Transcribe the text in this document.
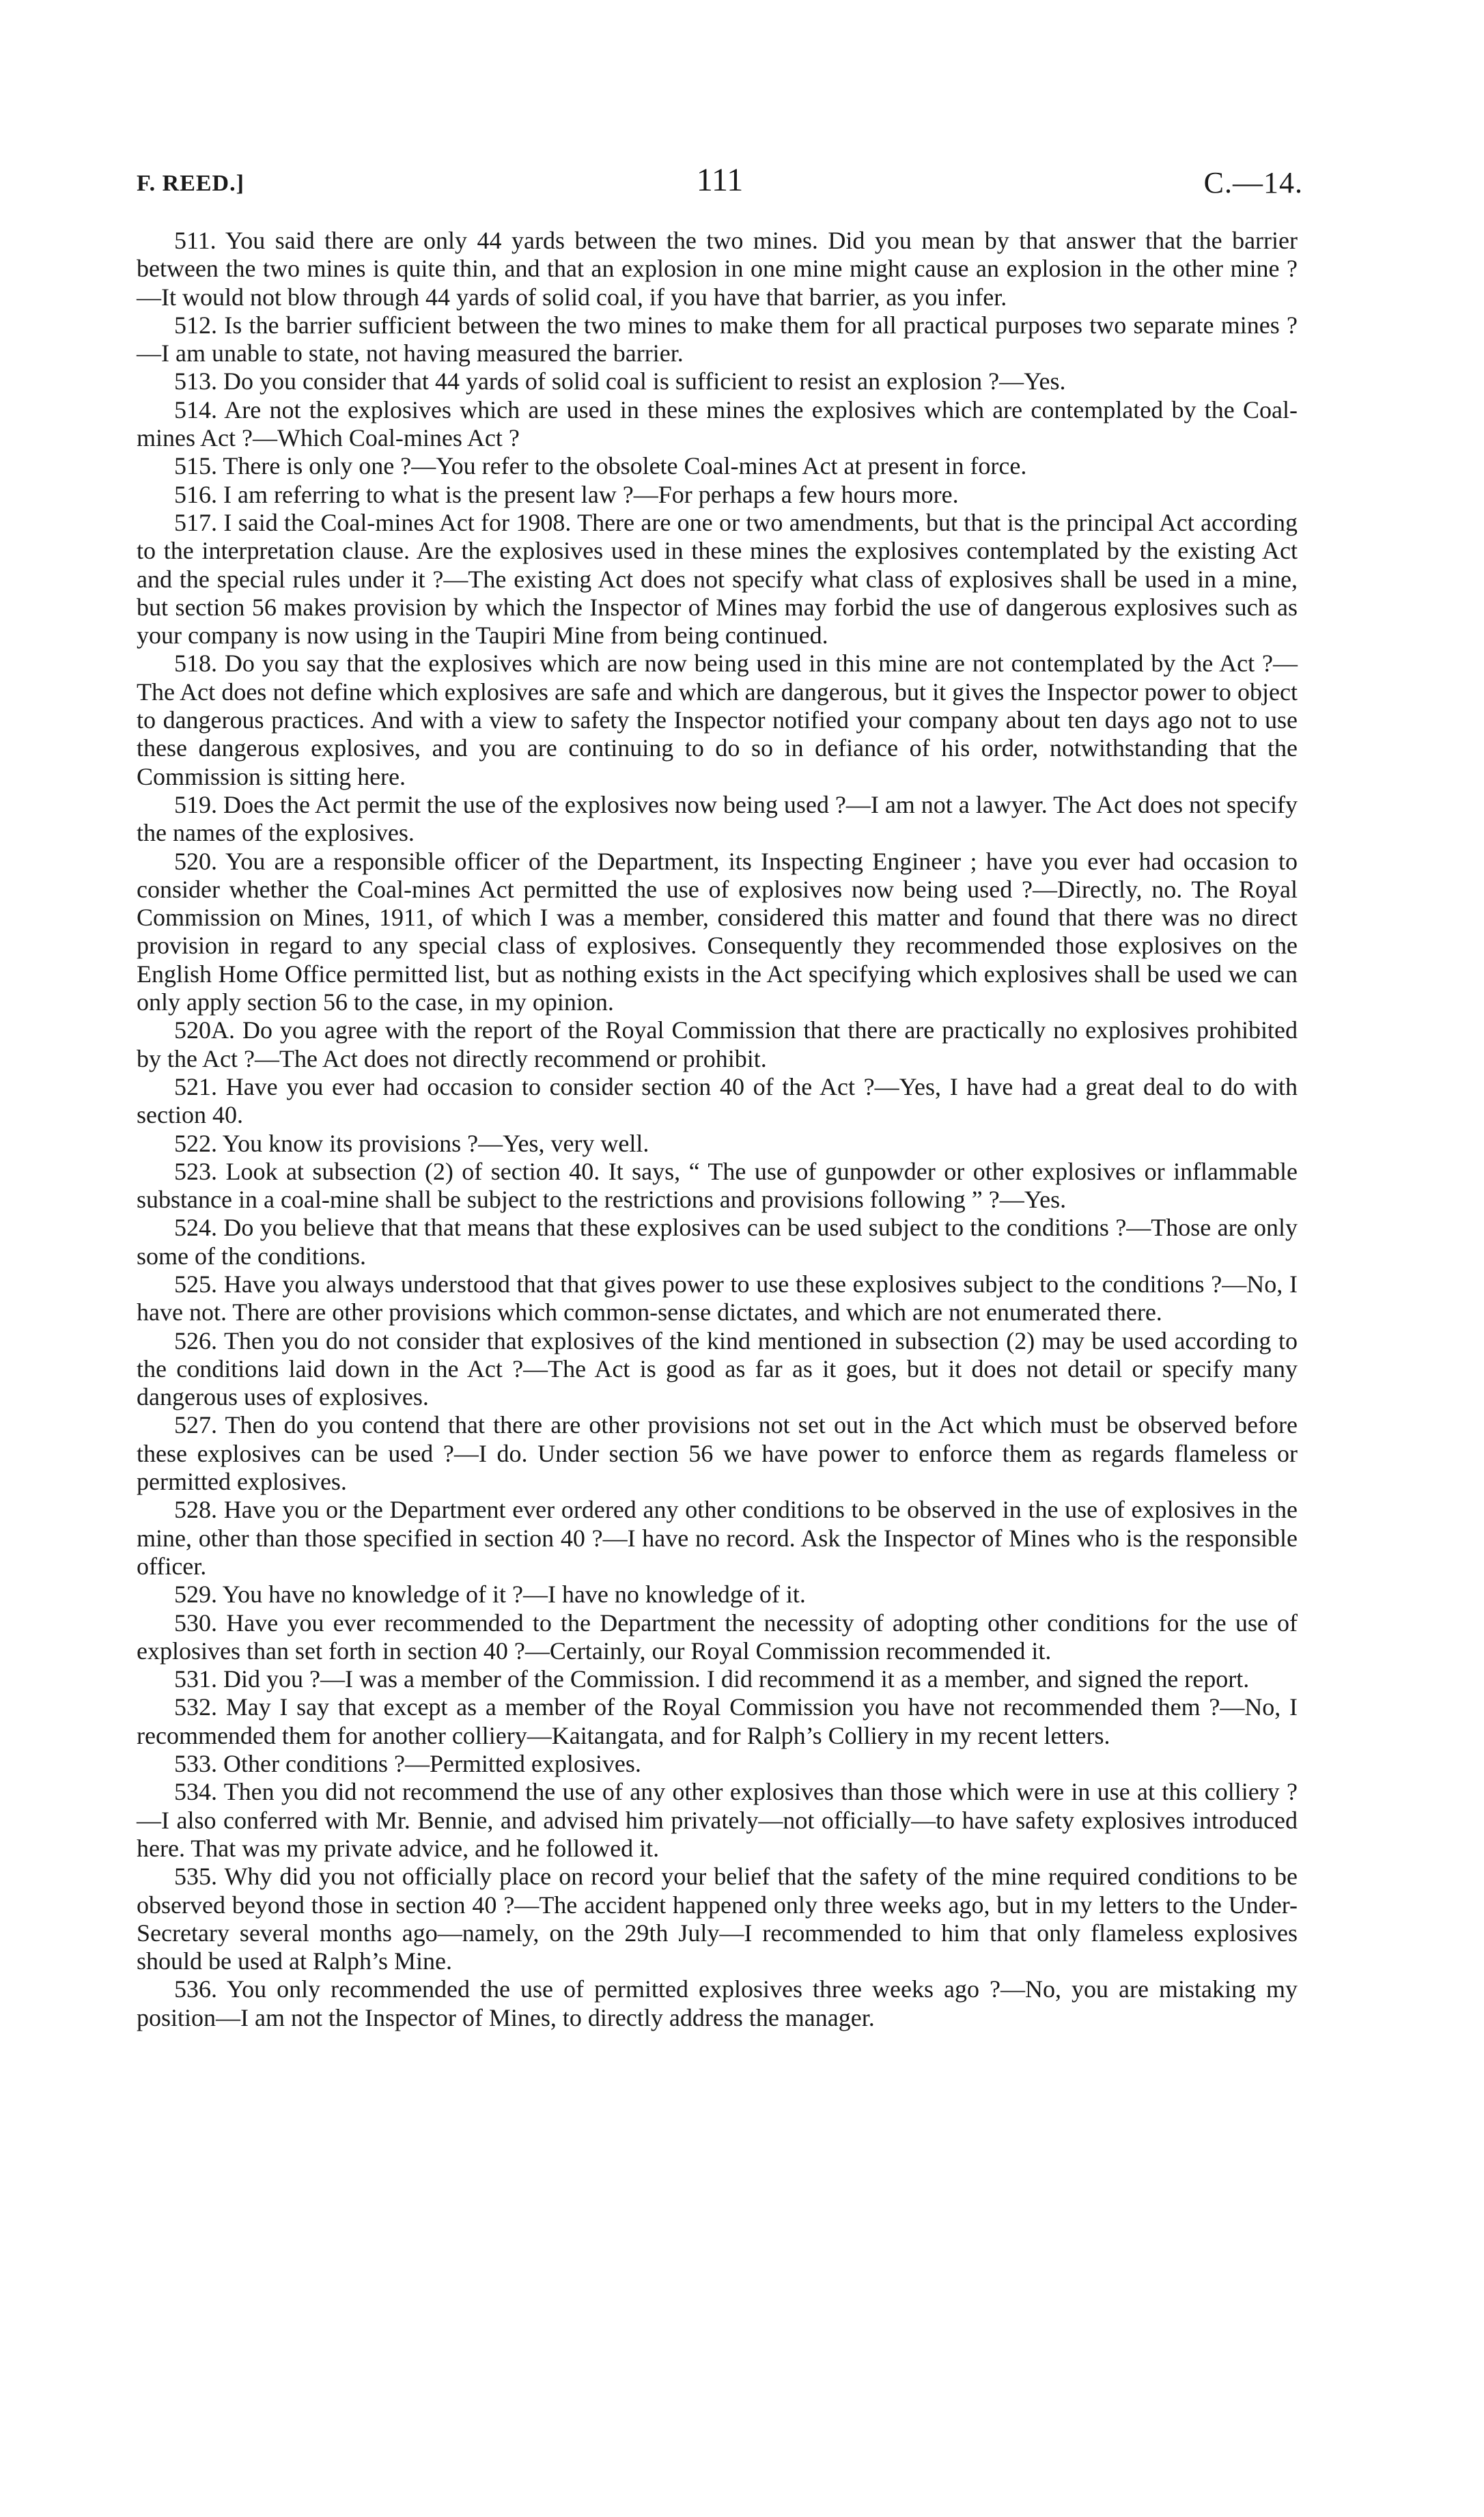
F. REED.]	111	C.—14.

511. You said there are only 44 yards between the two mines. Did you mean by that answer that the barrier between the two mines is quite thin, and that an explosion in one mine might cause an explosion in the other mine ?—It would not blow through 44 yards of solid coal, if you have that barrier, as you infer.

512. Is the barrier sufficient between the two mines to make them for all practical purposes two separate mines ?—I am unable to state, not having measured the barrier.

513. Do you consider that 44 yards of solid coal is sufficient to resist an explosion ?—Yes.

514. Are not the explosives which are used in these mines the explosives which are contemplated by the Coal-mines Act ?—Which Coal-mines Act ?

515. There is only one ?—You refer to the obsolete Coal-mines Act at present in force.

516. I am referring to what is the present law ?—For perhaps a few hours more.

517. I said the Coal-mines Act for 1908. There are one or two amendments, but that is the principal Act according to the interpretation clause. Are the explosives used in these mines the explosives contemplated by the existing Act and the special rules under it ?—The existing Act does not specify what class of explosives shall be used in a mine, but section 56 makes provision by which the Inspector of Mines may forbid the use of dangerous explosives such as your company is now using in the Taupiri Mine from being continued.

518. Do you say that the explosives which are now being used in this mine are not contemplated by the Act ?—The Act does not define which explosives are safe and which are dangerous, but it gives the Inspector power to object to dangerous practices. And with a view to safety the Inspector notified your company about ten days ago not to use these dangerous explosives, and you are continuing to do so in defiance of his order, notwithstanding that the Commission is sitting here.

519. Does the Act permit the use of the explosives now being used ?—I am not a lawyer. The Act does not specify the names of the explosives.

520. You are a responsible officer of the Department, its Inspecting Engineer ; have you ever had occasion to consider whether the Coal-mines Act permitted the use of explosives now being used ?—Directly, no. The Royal Commission on Mines, 1911, of which I was a member, considered this matter and found that there was no direct provision in regard to any special class of explosives. Consequently they recommended those explosives on the English Home Office permitted list, but as nothing exists in the Act specifying which explosives shall be used we can only apply section 56 to the case, in my opinion.

520A. Do you agree with the report of the Royal Commission that there are practically no explosives prohibited by the Act ?—The Act does not directly recommend or prohibit.

521. Have you ever had occasion to consider section 40 of the Act ?—Yes, I have had a great deal to do with section 40.

522. You know its provisions ?—Yes, very well.

523. Look at subsection (2) of section 40. It says, “ The use of gunpowder or other explosives or inflammable substance in a coal-mine shall be subject to the restrictions and provisions following ” ?—Yes.

524. Do you believe that that means that these explosives can be used subject to the conditions ?—Those are only some of the conditions.

525. Have you always understood that that gives power to use these explosives subject to the conditions ?—No, I have not. There are other provisions which common-sense dictates, and which are not enumerated there.

526. Then you do not consider that explosives of the kind mentioned in subsection (2) may be used according to the conditions laid down in the Act ?—The Act is good as far as it goes, but it does not detail or specify many dangerous uses of explosives.

527. Then do you contend that there are other provisions not set out in the Act which must be observed before these explosives can be used ?—I do. Under section 56 we have power to enforce them as regards flameless or permitted explosives.

528. Have you or the Department ever ordered any other conditions to be observed in the use of explosives in the mine, other than those specified in section 40 ?—I have no record. Ask the Inspector of Mines who is the responsible officer.

529. You have no knowledge of it ?—I have no knowledge of it.

530. Have you ever recommended to the Department the necessity of adopting other conditions for the use of explosives than set forth in section 40 ?—Certainly, our Royal Commission recommended it.

531. Did you ?—I was a member of the Commission. I did recommend it as a member, and signed the report.

532. May I say that except as a member of the Royal Commission you have not recommended them ?—No, I recommended them for another colliery—Kaitangata, and for Ralph’s Colliery in my recent letters.

533. Other conditions ?—Permitted explosives.

534. Then you did not recommend the use of any other explosives than those which were in use at this colliery ?—I also conferred with Mr. Bennie, and advised him privately—not officially—to have safety explosives introduced here. That was my private advice, and he followed it.

535. Why did you not officially place on record your belief that the safety of the mine required conditions to be observed beyond those in section 40 ?—The accident happened only three weeks ago, but in my letters to the Under-Secretary several months ago—namely, on the 29th July—I recommended to him that only flameless explosives should be used at Ralph’s Mine.

536. You only recommended the use of permitted explosives three weeks ago ?—No, you are mistaking my position—I am not the Inspector of Mines, to directly address the manager.
